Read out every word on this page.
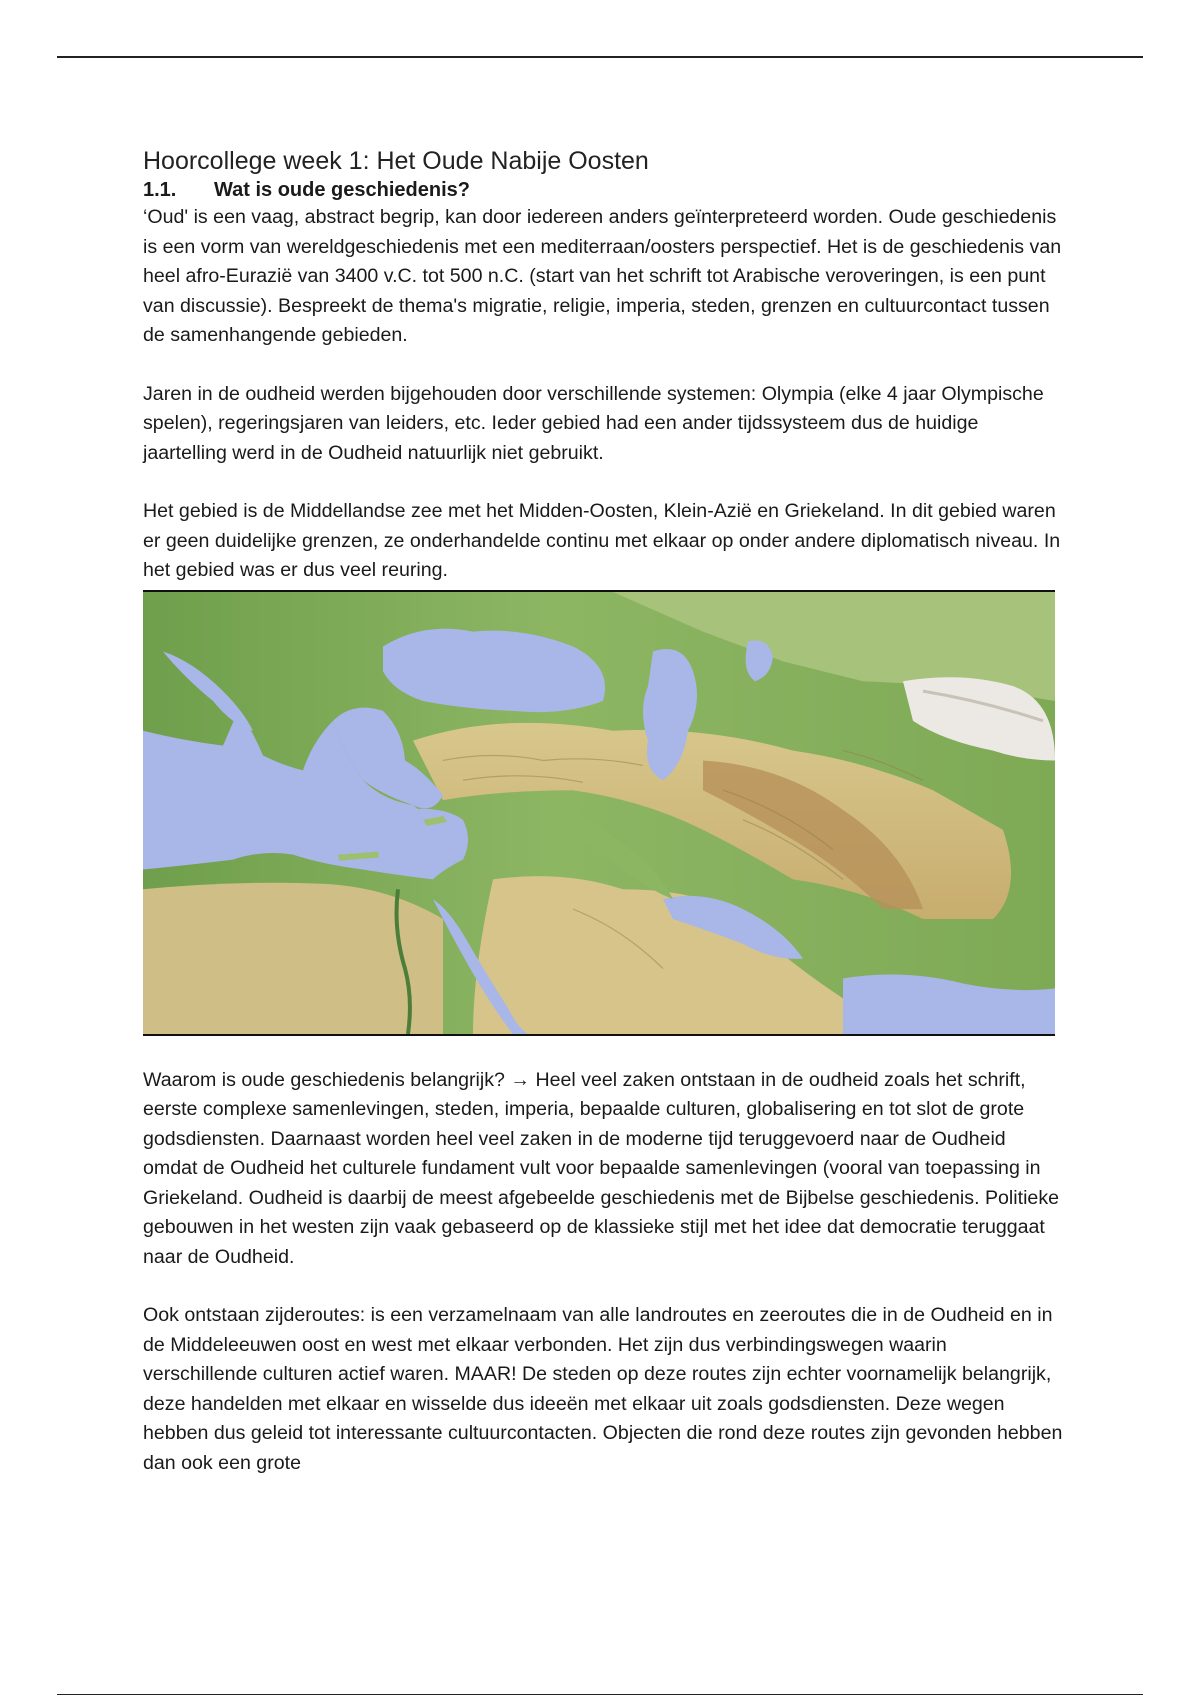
Hoorcollege week 1: Het Oude Nabije Oosten
1.1.	Wat is oude geschiedenis?

‘Oud' is een vaag, abstract begrip, kan door iedereen anders geïnterpreteerd worden. Oude geschiedenis is een vorm van wereldgeschiedenis met een mediterraan/oosters perspectief. Het is de geschiedenis van heel afro-Eurazië van 3400 v.C. tot 500 n.C. (start van het schrift tot Arabische veroveringen, is een punt van discussie). Bespreekt de thema's migratie, religie, imperia, steden, grenzen en cultuurcontact tussen de samenhangende gebieden.

Jaren in de oudheid werden bijgehouden door verschillende systemen: Olympia (elke 4 jaar Olympische spelen), regeringsjaren van leiders, etc. Ieder gebied had een ander tijdssysteem dus de huidige jaartelling werd in de Oudheid natuurlijk niet gebruikt.

Het gebied is de Middellandse zee met het Midden-Oosten, Klein-Azië en Griekeland. In dit gebied waren er geen duidelijke grenzen, ze onderhandelde continu met elkaar op onder andere diplomatisch niveau. In het gebied was er dus veel reuring.

Waarom is oude geschiedenis belangrijk? → Heel veel zaken ontstaan in de oudheid zoals het schrift, eerste complexe samenlevingen, steden, imperia, bepaalde culturen, globalisering en tot slot de grote godsdiensten. Daarnaast worden heel veel zaken in de moderne tijd teruggevoerd naar de Oudheid omdat de Oudheid het culturele fundament vult voor bepaalde samenlevingen (vooral van toepassing in Griekeland. Oudheid is daarbij de meest afgebeelde geschiedenis met de Bijbelse geschiedenis. Politieke gebouwen in het westen zijn vaak gebaseerd op de klassieke stijl met het idee dat democratie teruggaat naar de Oudheid.

Ook ontstaan zijderoutes: is een verzamelnaam van alle landroutes en zeeroutes die in de Oudheid en in de Middeleeuwen oost en west met elkaar verbonden. Het zijn dus verbindingswegen waarin verschillende culturen actief waren. MAAR! De steden op deze routes zijn echter voornamelijk belangrijk, deze handelden met elkaar en wisselde dus ideeën met elkaar uit zoals godsdiensten. Deze wegen hebben dus geleid tot interessante cultuurcontacten. Objecten die rond deze routes zijn gevonden hebben dan ook een grote
